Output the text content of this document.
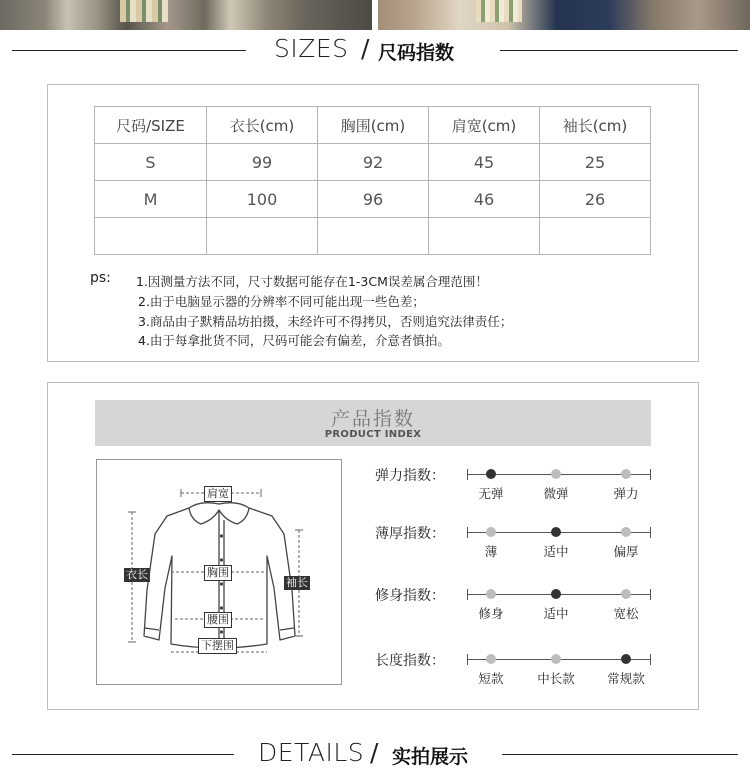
SIZES / 尺码指数
尺码/SIZE	衣长(cm)	胸围(cm)	肩宽(cm)	袖长(cm)
S	99	92	45	25
M	100	96	46	26

ps: 1.因测量方法不同，尺寸数据可能存在1-3CM误差属合理范围！
2.由于电脑显示器的分辨率不同可能出现一些色差；
3.商品由子默精品坊拍摄，未经许可不得拷贝，否则追究法律责任；
4.由于每拿批货不同，尺码可能会有偏差，介意者慎拍。
产品指数
PRODUCT INDEX
肩宽
衣长	胸围
袖长
腰围
下摆围
弹力指数：
无弹	微弹	弹力
薄厚指数：
薄	适中	偏厚
修身指数：
修身	适中	宽松
长度指数：
短款	中长款	常规款
DETAILS / 实拍展示
